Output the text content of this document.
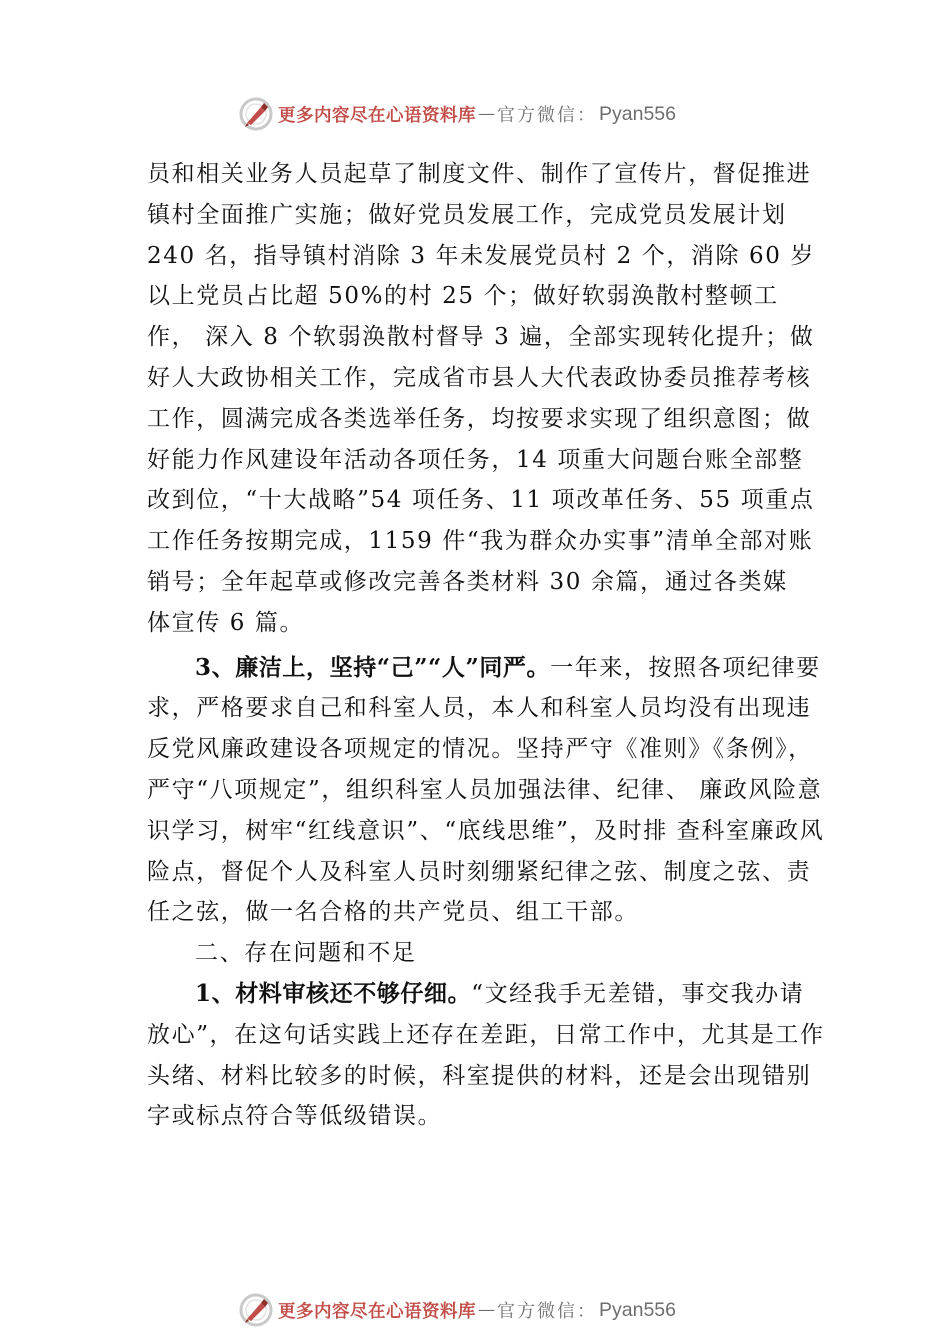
更多内容尽在心语资料库 — 官方微信： Pyan556

员和相关业务人员起草了制度文件、制作了宣传片，督促推进镇村全面推广实施；做好党员发展工作，完成党员发展计划 240 名，指导镇村消除 3 年未发展党员村 2 个，消除 60 岁以上党员占比超 50%的村 25 个；做好软弱涣散村整顿工作， 深入 8 个软弱涣散村督导 3 遍，全部实现转化提升；做好人大政协相关工作，完成省市县人大代表政协委员推荐考核工作，圆满完成各类选举任务，均按要求实现了组织意图；做好能力作风建设年活动各项任务，14 项重大问题台账全部整改到位，“十大战略”54 项任务、11 项改革任务、55 项重点工作任务按期完成，1159 件“我为群众办实事”清单全部对账销号；全年起草或修改完善各类材料 30 余篇，通过各类媒

体宣传 6 篇。

3、廉洁上，坚持“己”“人”同严。一年来，按照各项纪律要求，严格要求自己和科室人员，本人和科室人员均没有出现违反党风廉政建设各项规定的情况。坚持严守《准则》《条例》，严守“八项规定”，组织科室人员加强法律、纪律、 廉政风险意识学习，树牢“红线意识”、“底线思维”，及时排 查科室廉政风险点，督促个人及科室人员时刻绷紧纪律之弦、制度之弦、责任之弦，做一名合格的共产党员、组工干部。

二、存在问题和不足

1、材料审核还不够仔细。“文经我手无差错，事交我办请放心”，在这句话实践上还存在差距，日常工作中，尤其是工作头绪、材料比较多的时候，科室提供的材料，还是会出现错别字或标点符合等低级错误。

更多内容尽在心语资料库 — 官方微信： Pyan556
